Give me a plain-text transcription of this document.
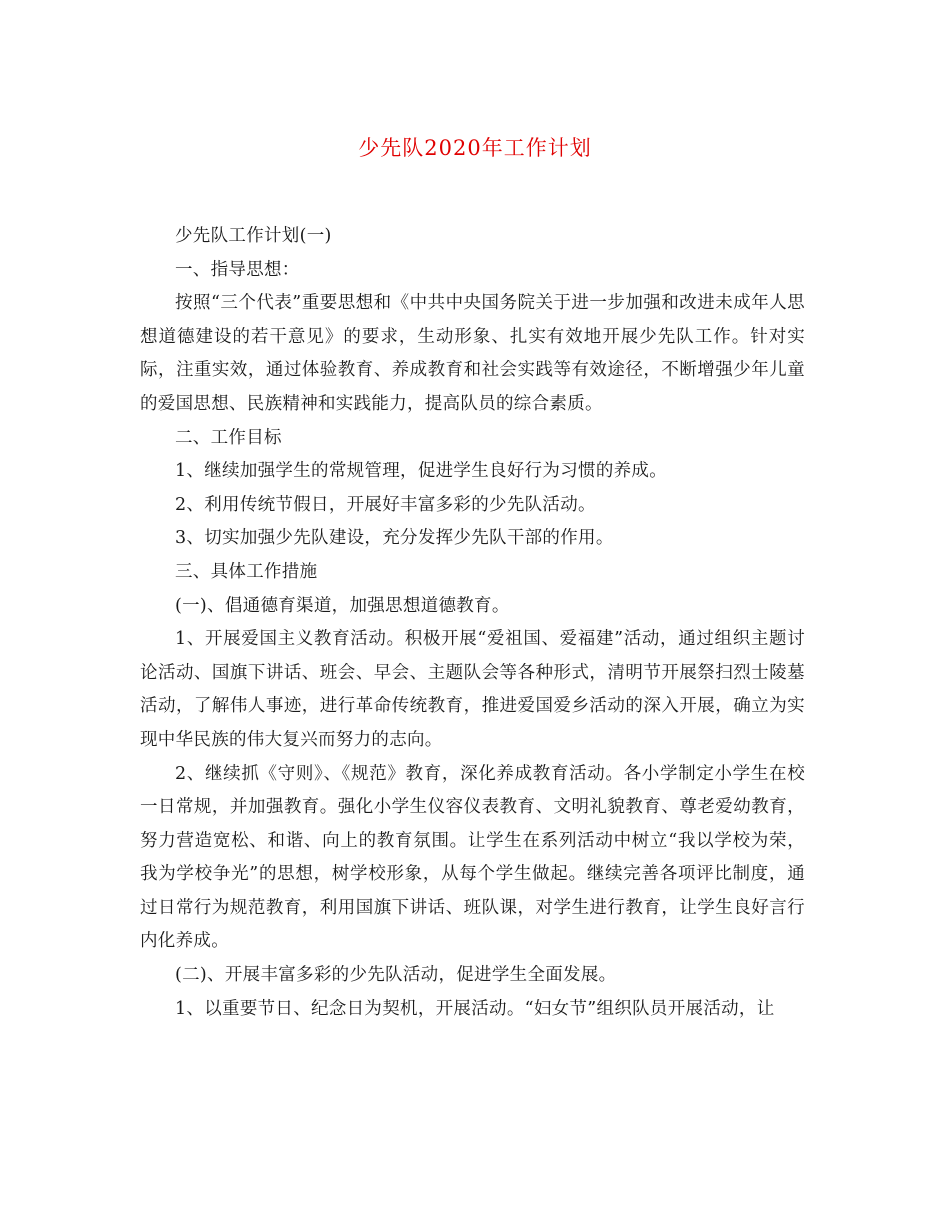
少先队2020年工作计划

少先队工作计划(一)

一、指导思想：

按照“三个代表”重要思想和《中共中央国务院关于进一步加强和改进未成年人思想道德建设的若干意见》的要求，生动形象、扎实有效地开展少先队工作。针对实际，注重实效，通过体验教育、养成教育和社会实践等有效途径，不断增强少年儿童的爱国思想、民族精神和实践能力，提高队员的综合素质。

二、工作目标

1、继续加强学生的常规管理，促进学生良好行为习惯的养成。

2、利用传统节假日，开展好丰富多彩的少先队活动。

3、切实加强少先队建设，充分发挥少先队干部的作用。

三、具体工作措施

(一)、倡通德育渠道，加强思想道德教育。

1、开展爱国主义教育活动。积极开展“爱祖国、爱福建”活动，通过组织主题讨论活动、国旗下讲话、班会、早会、主题队会等各种形式，清明节开展祭扫烈士陵墓活动，了解伟人事迹，进行革命传统教育，推进爱国爱乡活动的深入开展，确立为实现中华民族的伟大复兴而努力的志向。

2、继续抓《守则》、《规范》教育，深化养成教育活动。各小学制定小学生在校一日常规，并加强教育。强化小学生仪容仪表教育、文明礼貌教育、尊老爱幼教育，努力营造宽松、和谐、向上的教育氛围。让学生在系列活动中树立“我以学校为荣，我为学校争光”的思想，树学校形象，从每个学生做起。继续完善各项评比制度，通过日常行为规范教育，利用国旗下讲话、班队课，对学生进行教育，让学生良好言行内化养成。

(二)、开展丰富多彩的少先队活动，促进学生全面发展。

1、以重要节日、纪念日为契机，开展活动。“妇女节”组织队员开展活动，让
